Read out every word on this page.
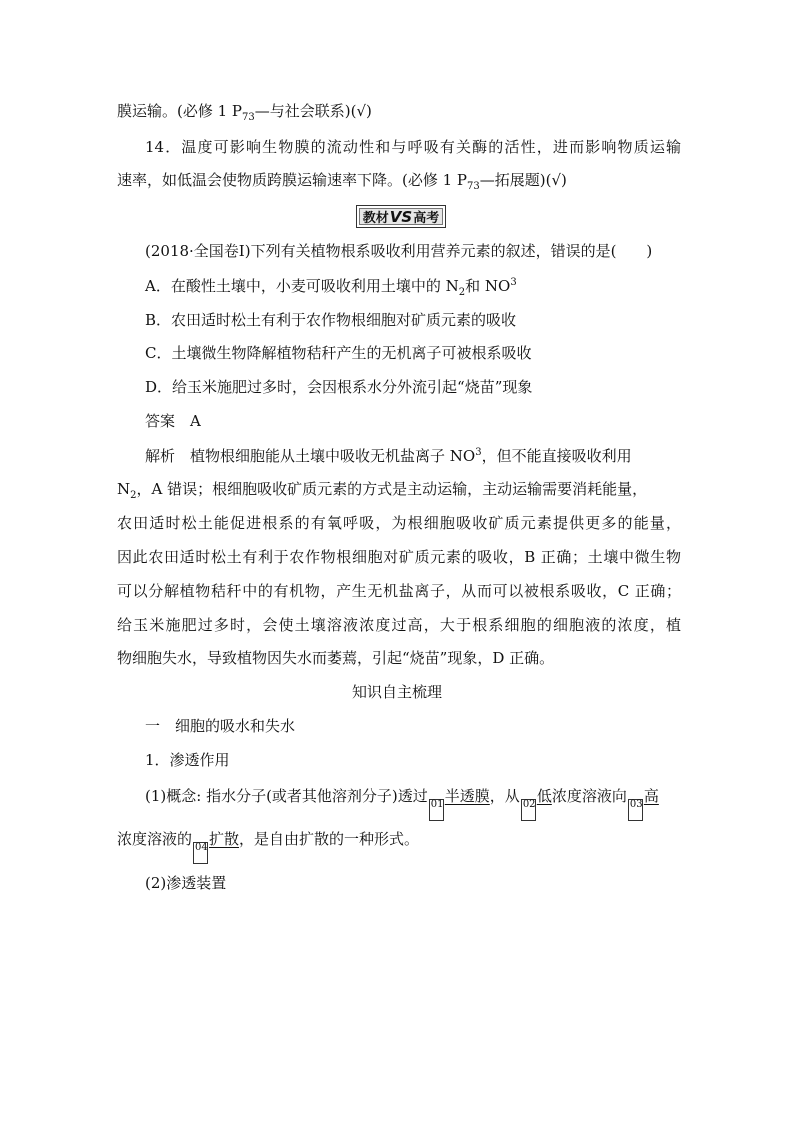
膜运输。(必修 1 $P_{73}—$与社会联系)(√)
14．温度可影响生物膜的流动性和与呼吸有关酶的活性，进而影响物质运输
速率，如低温会使物质跨膜运输速率下降。(必修 1 $P_{73}—$拓展题)(√)
教材 VS 高考
(2018·全国卷Ⅰ)下列有关植物根系吸收利用营养元素的叙述，错误的是(　　)
A．在酸性土壤中，小麦可吸收利用土壤中的 $N_2$和 $NO^3$
B．农田适时松土有利于农作物根细胞对矿质元素的吸收
C．土壤微生物降解植物秸秆产生的无机离子可被根系吸收
D．给玉米施肥过多时，会因根系水分外流引起“烧苗”现象
答案　 A
解析　 植物根细胞能从土壤中吸收无机盐离子 $NO^3$，但不能直接吸收利用
$N_2$，A 错误；根细胞吸收矿质元素的方式是主动运输，主动运输需要消耗能量，
农田适时松土能促进根系的有氧呼吸，为根细胞吸收矿质元素提供更多的能量，
因此农田适时松土有利于农作物根细胞对矿质元素的吸收，B 正确；土壤中微生物
可以分解植物秸秆中的有机物，产生无机盐离子，从而可以被根系吸收，C 正确；
给玉米施肥过多时，会使土壤溶液浓度过高，大于根系细胞的细胞液的浓度，植
物细胞失水，导致植物因失水而萎蔫，引起“烧苗”现象，D 正确。
知识自主梳理
一　细胞的吸水和失水
1．渗透作用
(1)概念: 指水分子(或者其他溶剂分子)透过 01半透膜，从 02低浓度溶液向 03高
浓度溶液的 04扩散，是自由扩散的一种形式。
(2)渗透装置
